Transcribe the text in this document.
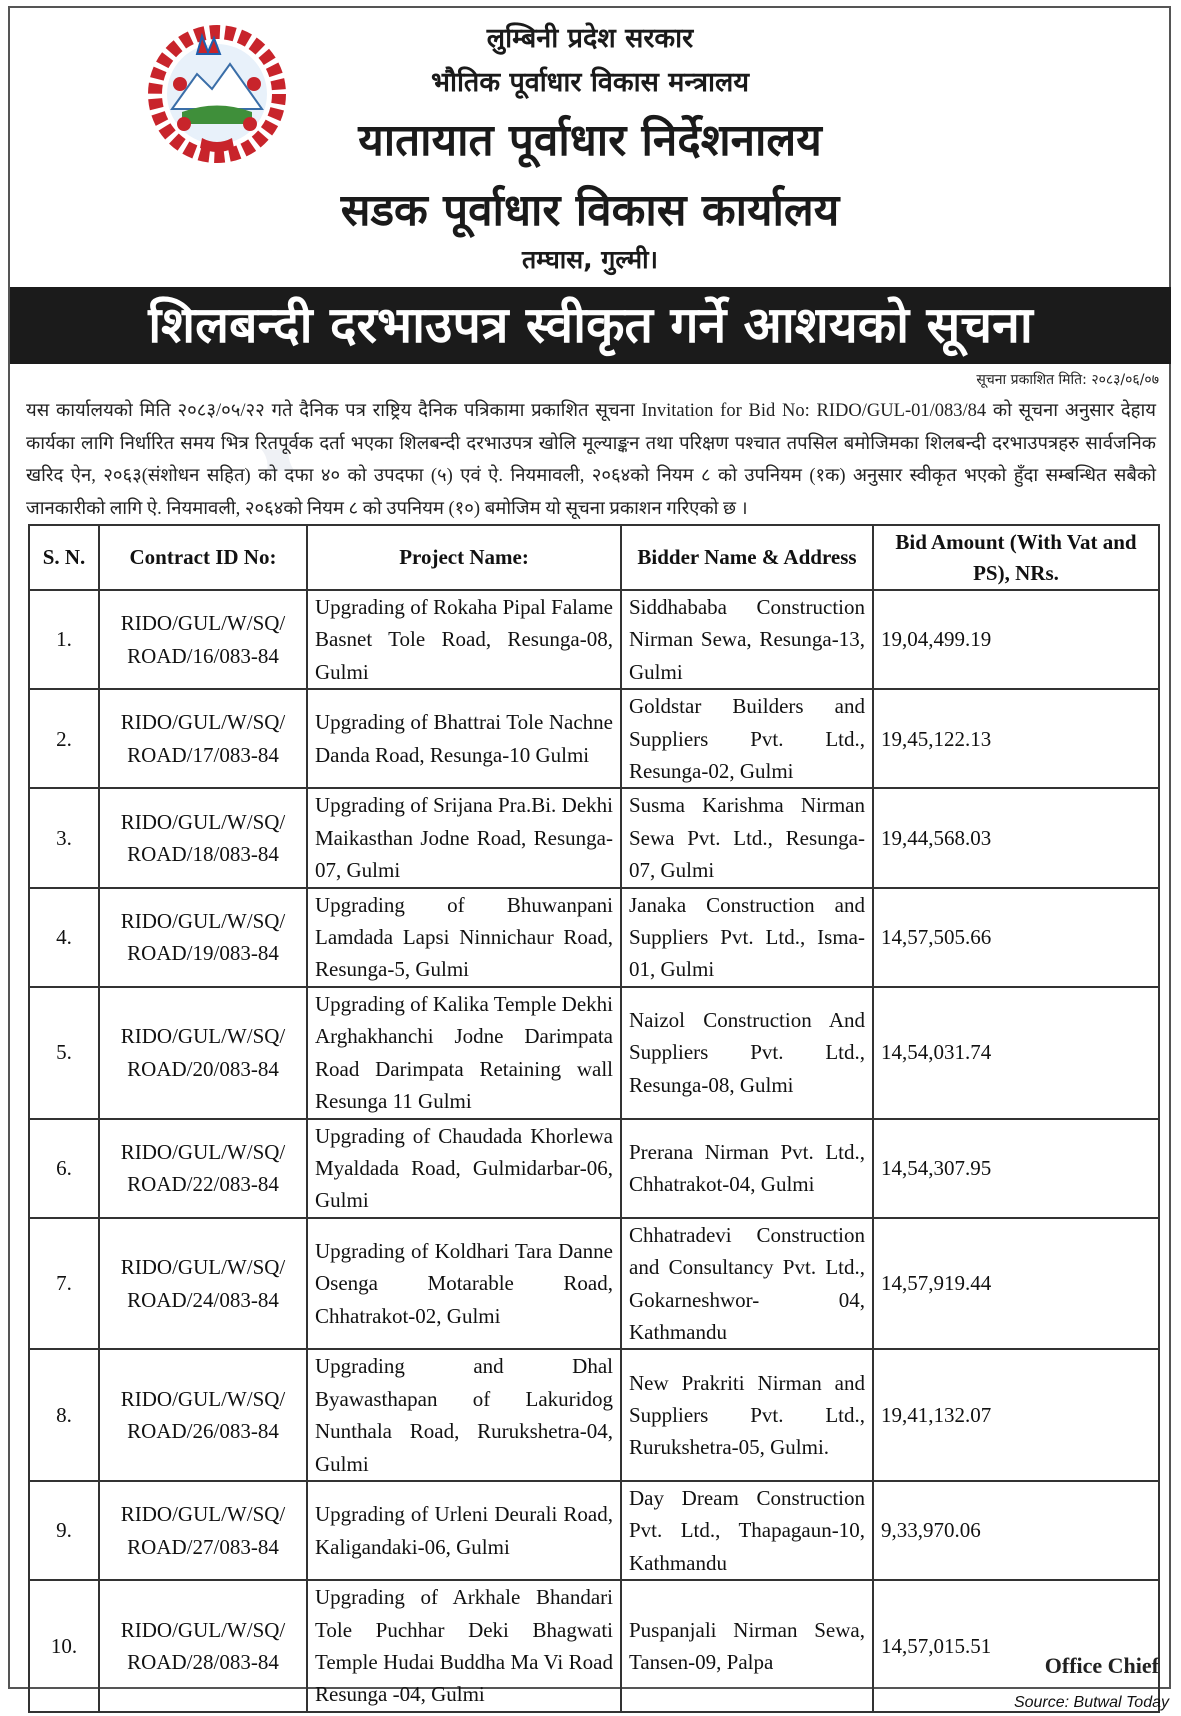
लुम्बिनी प्रदेश सरकार
भौतिक पूर्वाधार विकास मन्त्रालय
यातायात पूर्वाधार निर्देशनालय
सडक पूर्वाधार विकास कार्यालय
तम्घास, गुल्मी।
शिलबन्दी दरभाउपत्र स्वीकृत गर्ने आशयको सूचना
सूचना प्रकाशित मिति: २०८३/०६/०७
यस कार्यालयको मिति २०८३/०५/२२ गते दैनिक पत्र राष्ट्रिय दैनिक पत्रिकामा प्रकाशित सूचना Invitation for Bid No: RIDO/GUL-01/083/84 को सूचना अनुसार देहाय कार्यका लागि निर्धारित समय भित्र रितपूर्वक दर्ता भएका शिलबन्दी दरभाउपत्र खोलि मूल्याङ्कन तथा परिक्षण पश्चात तपसिल बमोजिमका शिलबन्दी दरभाउपत्रहरु सार्वजनिक खरिद ऐन, २०६३(संशोधन सहित) को दफा ४० को उपदफा (५) एवं ऐ. नियमावली, २०६४को नियम ८ को उपनियम (१क) अनुसार स्वीकृत भएको हुँदा सम्बन्धित सबैको जानकारीको लागि ऐ. नियमावली, २०६४को नियम ८ को उपनियम (१०) बमोजिम यो सूचना प्रकाशन गरिएको छ ।
S. N.	Contract ID No:	Project Name:	Bidder Name & Address	Bid Amount (With Vat and PS), NRs.
1.	RIDO/GUL/W/SQ/ ROAD/16/083-84	Upgrading of Rokaha Pipal Falame Basnet Tole Road, Resunga-08, Gulmi	Siddhababa Construction Nirman Sewa, Resunga-13, Gulmi	19,04,499.19
2.	RIDO/GUL/W/SQ/ ROAD/17/083-84	Upgrading of Bhattrai Tole Nachne Danda Road, Resunga-10 Gulmi	Goldstar Builders and Suppliers Pvt. Ltd., Resunga-02, Gulmi	19,45,122.13
3.	RIDO/GUL/W/SQ/ ROAD/18/083-84	Upgrading of Srijana Pra.Bi. Dekhi Maikasthan Jodne Road, Resunga-07, Gulmi	Susma Karishma Nirman Sewa Pvt. Ltd., Resunga-07, Gulmi	19,44,568.03
4.	RIDO/GUL/W/SQ/ ROAD/19/083-84	Upgrading of Bhuwanpani Lamdada Lapsi Ninnichaur Road, Resunga-5, Gulmi	Janaka Construction and Suppliers Pvt. Ltd., Isma-01, Gulmi	14,57,505.66
5.	RIDO/GUL/W/SQ/ ROAD/20/083-84	Upgrading of Kalika Temple Dekhi Arghakhanchi Jodne Darimpata Road Darimpata Retaining wall Resunga 11 Gulmi	Naizol Construction And Suppliers Pvt. Ltd., Resunga-08, Gulmi	14,54,031.74
6.	RIDO/GUL/W/SQ/ ROAD/22/083-84	Upgrading of Chaudada Khorlewa Myaldada Road, Gulmidarbar-06, Gulmi	Prerana Nirman Pvt. Ltd., Chhatrakot-04, Gulmi	14,54,307.95
7.	RIDO/GUL/W/SQ/ ROAD/24/083-84	Upgrading of Koldhari Tara Danne Osenga Motarable Road, Chhatrakot-02, Gulmi	Chhatradevi Construction and Consultancy Pvt. Ltd., Gokarneshwor- 04, Kathmandu	14,57,919.44
8.	RIDO/GUL/W/SQ/ ROAD/26/083-84	Upgrading and Dhal Byawasthapan of Lakuridog Nunthala Road, Rurukshetra-04, Gulmi	New Prakriti Nirman and Suppliers Pvt. Ltd., Rurukshetra-05, Gulmi.	19,41,132.07
9.	RIDO/GUL/W/SQ/ ROAD/27/083-84	Upgrading of Urleni Deurali Road, Kaligandaki-06, Gulmi	Day Dream Construction Pvt. Ltd., Thapagaun-10, Kathmandu	9,33,970.06
10.	RIDO/GUL/W/SQ/ ROAD/28/083-84	Upgrading of Arkhale Bhandari Tole Puchhar Deki Bhagwati Temple Hudai Buddha Ma Vi Road Resunga -04, Gulmi	Puspanjali Nirman Sewa, Tansen-09, Palpa	14,57,015.51
Office Chief
Source: Butwal Today
